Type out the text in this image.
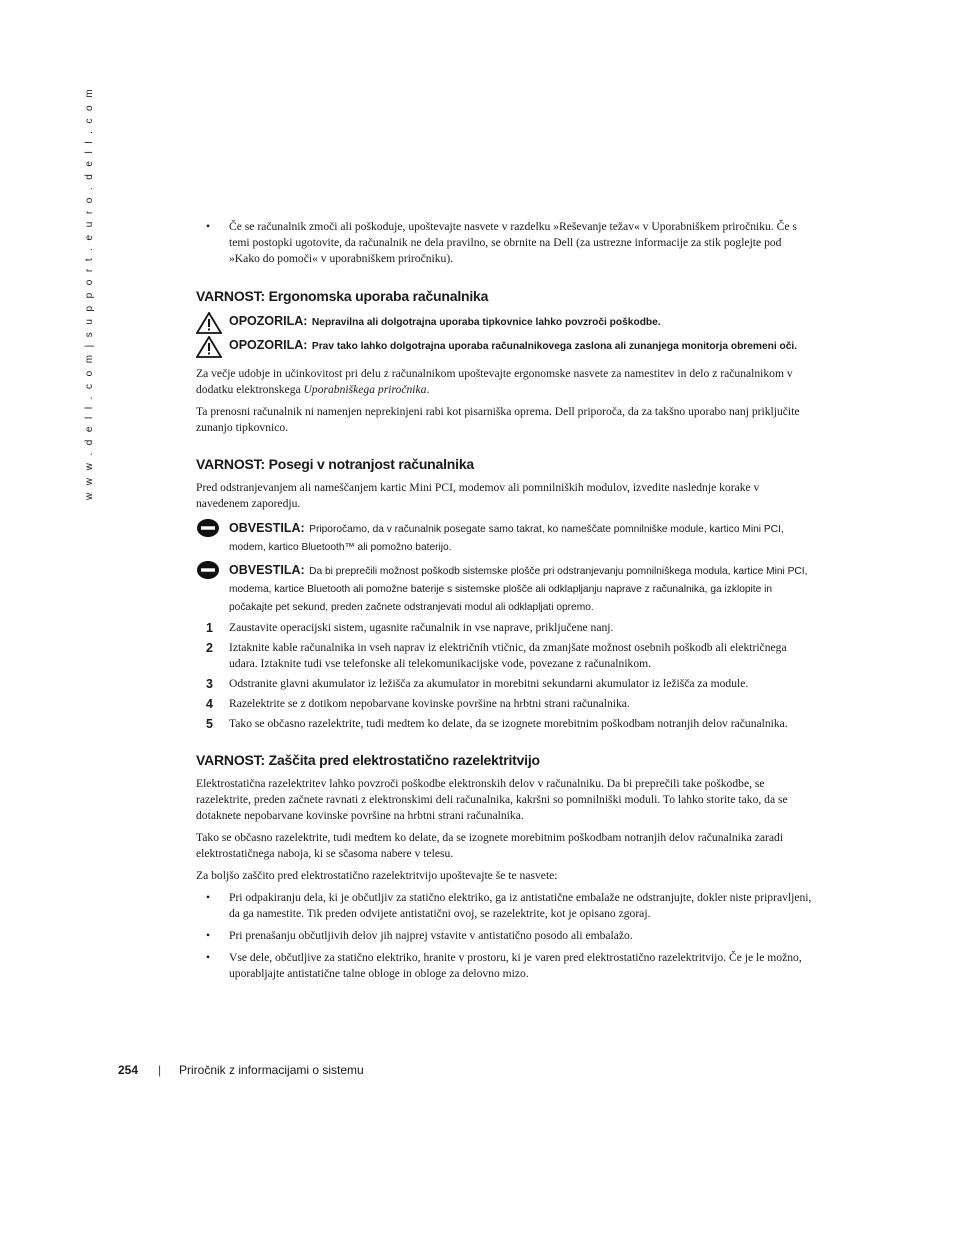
w w w . d e l l . c o m | s u p p o r t . e u r o . d e l l . c o m	• Če se računalnik zmoči ali poškoduje, upoštevajte nasvete v razdelku »Reševanje težav« v Uporabniškem priročniku. Če s temi postopki ugotovite, da računalnik ne dela pravilno, se obrnite na Dell (za ustrezne informacije za stik poglejte pod »Kako do pomoči« v uporabniškem priročniku).
VARNOST: Ergonomska uporaba računalnika
OPOZORILA: Nepravilna ali dolgotrajna uporaba tipkovnice lahko povzroči poškodbe.
OPOZORILA: Prav tako lahko dolgotrajna uporaba računalnikovega zaslona ali zunanjega monitorja obremeni oči.

Za večje udobje in učinkovitost pri delu z računalnikom upoštevajte ergonomske nasvete za namestitev in delo z računalnikom v dodatku elektronskega Uporabniškega priročnika.

Ta prenosni računalnik ni namenjen neprekinjeni rabi kot pisarniška oprema. Dell priporoča, da za takšno uporabo nanj priključite zunanjo tipkovnico.

VARNOST: Posegi v notranjost računalnika

Pred odstranjevanjem ali nameščanjem kartic Mini PCI, modemov ali pomnilniških modulov, izvedite naslednje korake v navedenem zaporedju.

OBVESTILA: Priporočamo, da v računalnik posegate samo takrat, ko nameščate pomnilniške module, kartico Mini PCI, modem, kartico Bluetooth™ ali pomožno baterijo.
OBVESTILA: Da bi preprečili možnost poškodb sistemske plošče pri odstranjevanju pomnilniškega modula, kartice Mini PCI, modema, kartice Bluetooth ali pomožne baterije s sistemske plošče ali odklapljanju naprave z računalnika, ga izklopite in počakajte pet sekund, preden začnete odstranjevati modul ali odklapljati opremo.
1 Zaustavite operacijski sistem, ugasnite računalnik in vse naprave, priključene nanj.
2 Iztaknite kable računalnika in vseh naprav iz električnih vtičnic, da zmanjšate možnost osebnih poškodb ali električnega udara. Iztaknite tudi vse telefonske ali telekomunikacijske vode, povezane z računalnikom.
3 Odstranite glavni akumulator iz ležišča za akumulator in morebitni sekundarni akumulator iz ležišča za module.
4 Razelektrite se z dotikom nepobarvane kovinske površine na hrbtni strani računalnika.
5 Tako se občasno razelektrite, tudi medtem ko delate, da se izognete morebitnim poškodbam notranjih delov računalnika.
VARNOST: Zaščita pred elektrostatično razelektritvijo

Elektrostatična razelektritev lahko povzroči poškodbe elektronskih delov v računalniku. Da bi preprečili take poškodbe, se razelektrite, preden začnete ravnati z elektronskimi deli računalnika, kakršni so pomnilniški moduli. To lahko storite tako, da se dotaknete nepobarvane kovinske površine na hrbtni strani računalnika.

Tako se občasno razelektrite, tudi medtem ko delate, da se izognete morebitnim poškodbam notranjih delov računalnika zaradi elektrostatičnega naboja, ki se sčasoma nabere v telesu.

Za boljšo zaščito pred elektrostatično razelektritvijo upoštevajte še te nasvete:

• Pri odpakiranju dela, ki je občutljiv za statično elektriko, ga iz antistatične embalaže ne odstranjujte, dokler niste pripravljeni, da ga namestite. Tik preden odvijete antistatični ovoj, se razelektrite, kot je opisano zgoraj.
• Pri prenašanju občutljivih delov jih najprej vstavite v antistatično posodo ali embalažo.
• Vse dele, občutljive za statično elektriko, hranite v prostoru, ki je varen pred elektrostatično razelektritvijo. Če je le možno, uporabljajte antistatične talne obloge in obloge za delovno mizo.
254 | Priročnik z informacijami o sistemu
